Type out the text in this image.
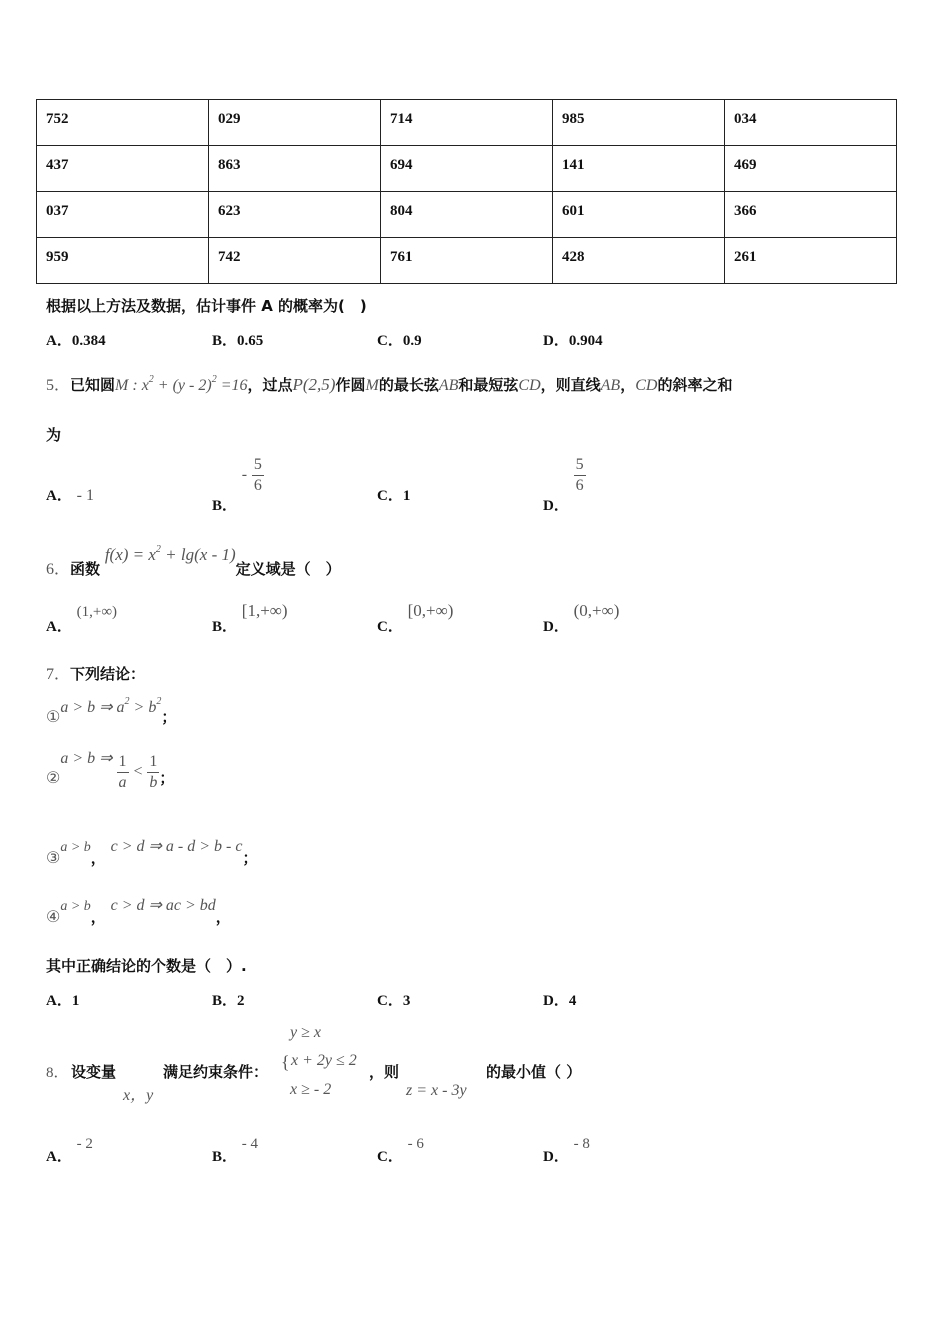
752	029	714	985	034
437	863	694	141	469
037	623	804	601	366
959	742	761	428	261
根据以上方法及数据，估计事件 A 的概率为(　)
A．0.384	B．0.65	C．0.9	D．0.904
5．已知圆M : $x^2 + (y - 2)^2 =16$，过点P(2,5)作圆M的最长弦AB和最短弦CD，则直线AB，CD的斜率之和
为
A． - 1
B． - $\frac{5}{6}$	C．1
D．
$\frac{5}{6}$
6．函数 $f(x) = x^2 + \lg(x - 1)$定义域是（　）
A． (1,+∞)
B． [1,+∞)
C． [0,+∞)
D． (0,+∞)
7．下列结论：
①a > b ⇒ $a^2 > b^2$；
②a > b ⇒ $\frac{1}{a} < \frac{1}{b}$ ；
③a > b， c > d ⇒ a - d > b - c；
④a > b， c > d ⇒ ac > bd，
其中正确结论的个数是（　）.
A．1	B．2	C．3	D．4
8． 设变量
x，y
满足约束条件：
y ≥ x
{ x + 2y ≤ 2
x ≥ - 2
，则
z = x - 3y
的最小值（ ）
A． - 2
B． - 4
C． - 6
D． - 8
